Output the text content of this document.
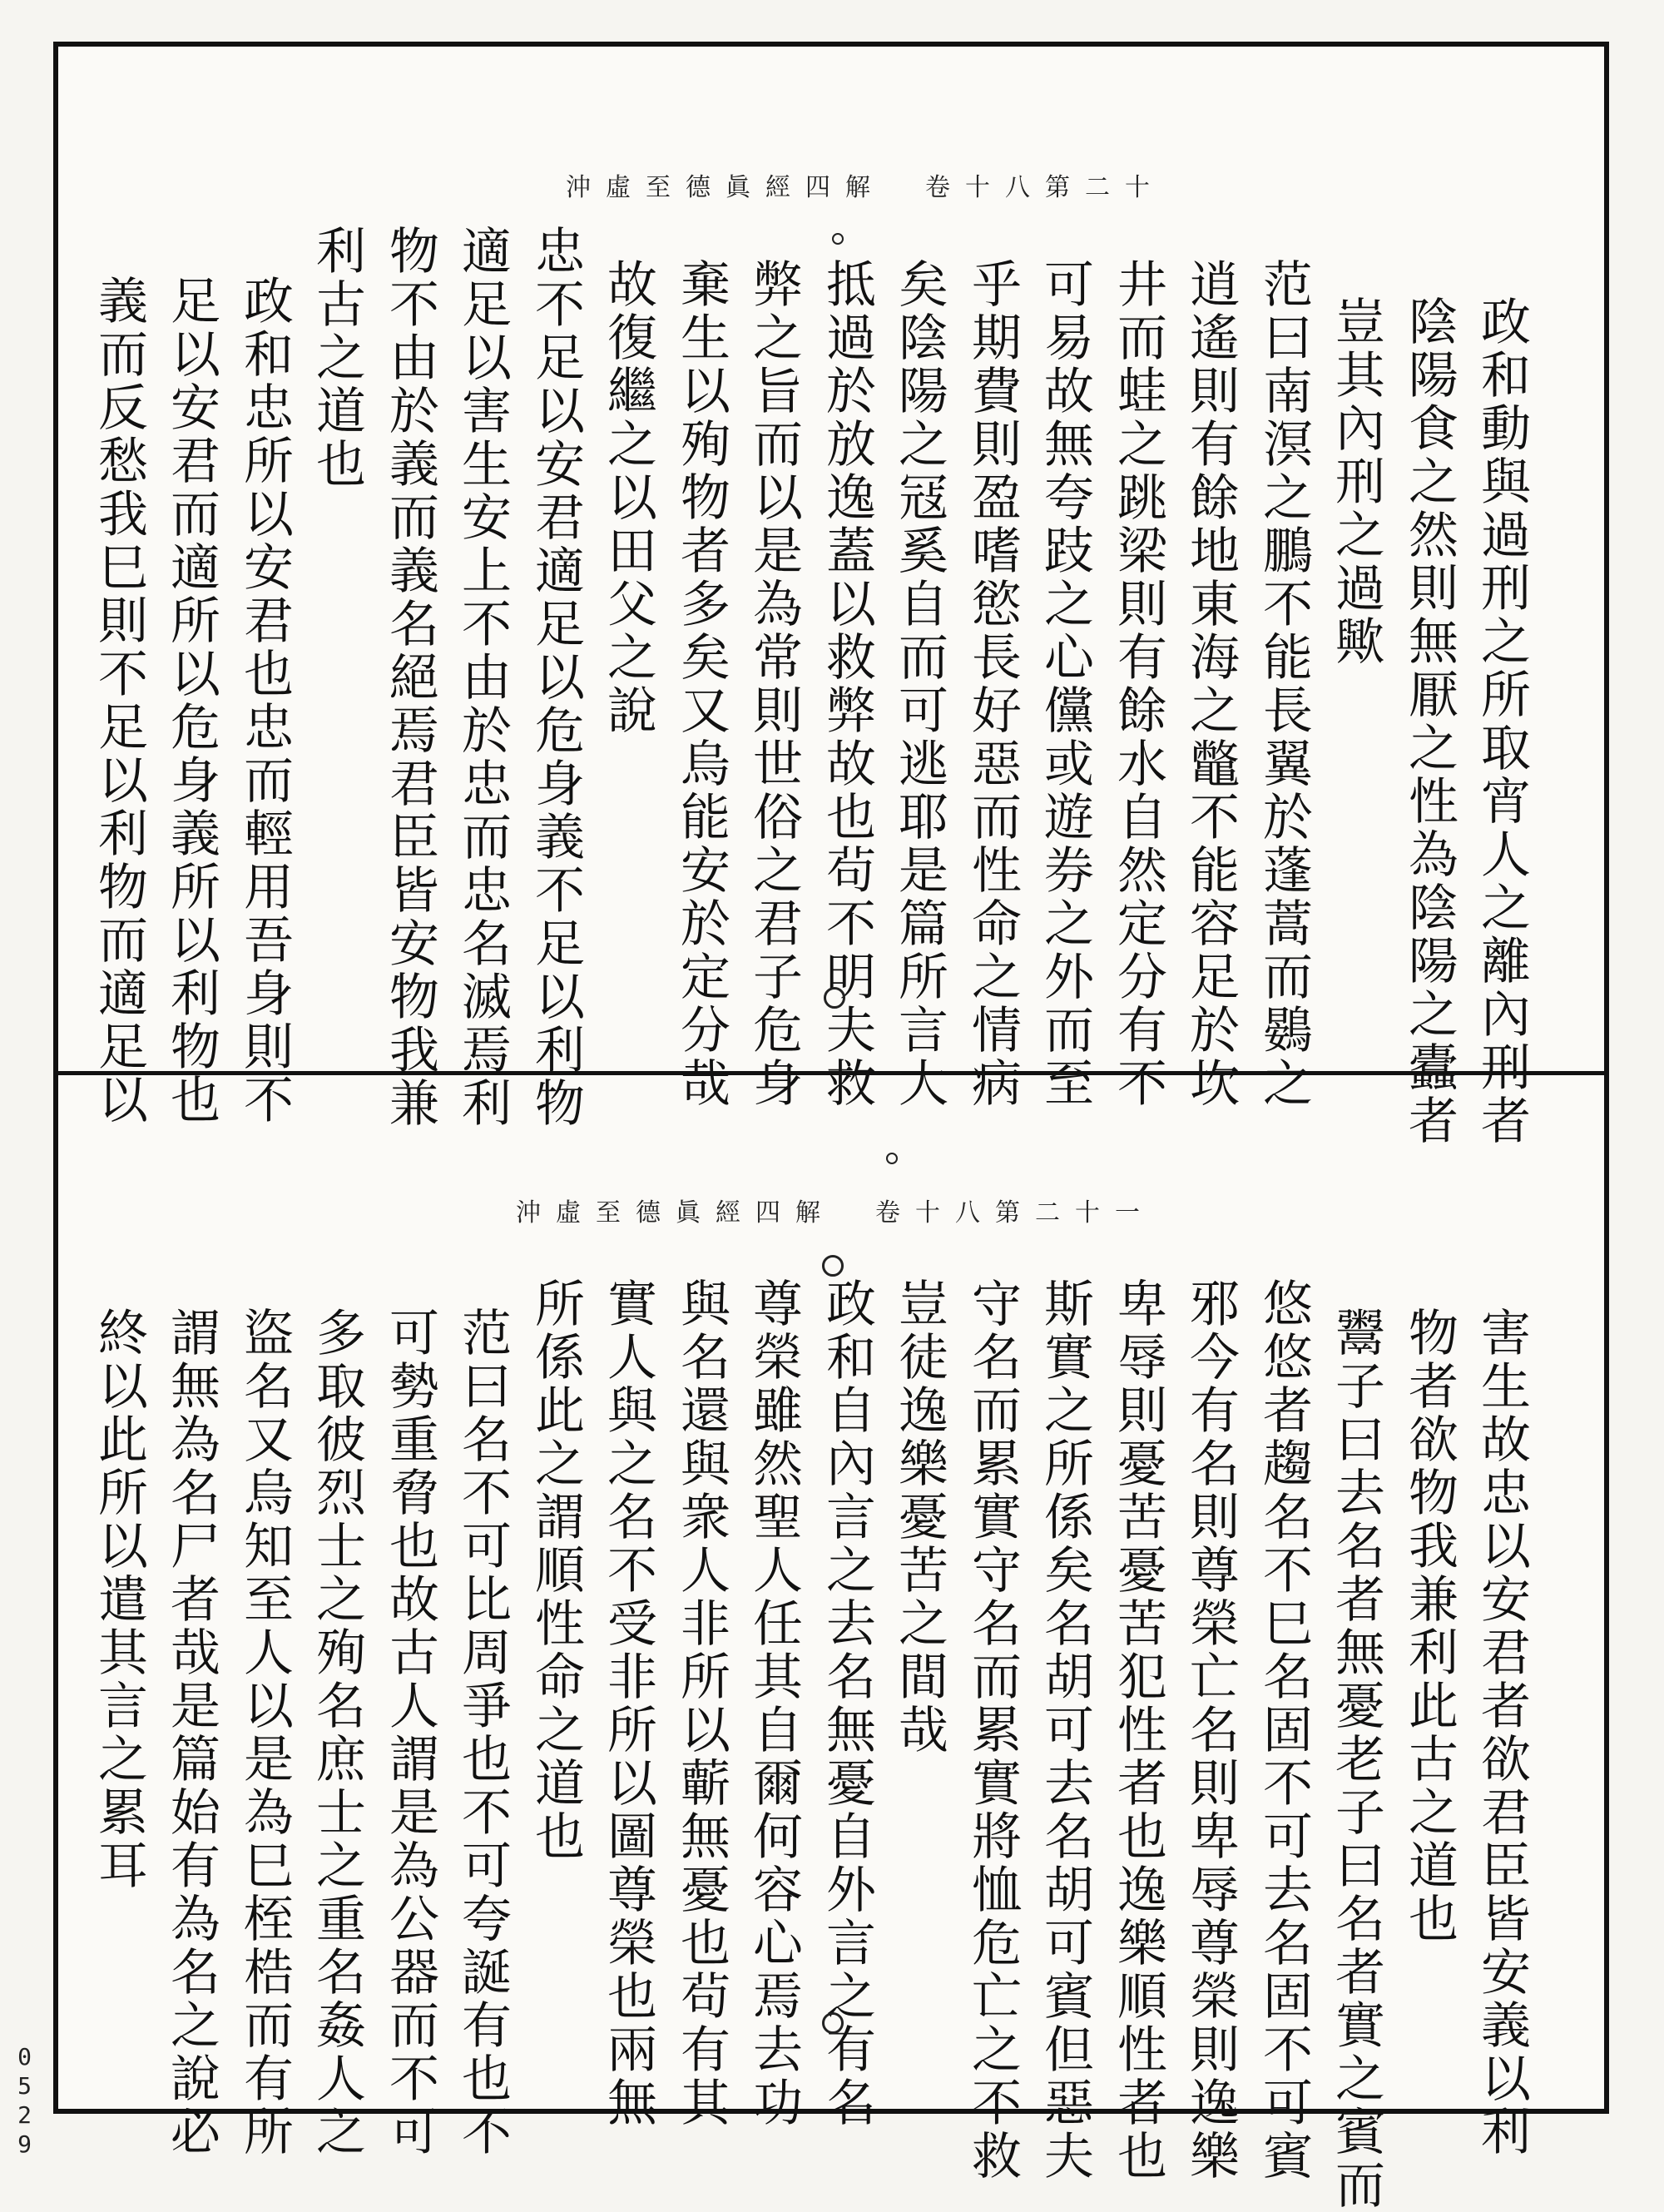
沖虛至德眞經四解　卷十八第二十
政和動與過刑之所取宵人之離內刑者
陰陽食之然則無厭之性為陰陽之蠹者
豈其內刑之過歟
范曰南溟之鵬不能長翼於蓬蒿而鷃之
逍遙則有餘地東海之鼈不能容足於坎
井而蛙之跳梁則有餘水自然定分有不
可易故無夸跂之心儻或遊券之外而至
乎期費則盈嗜慾長好惡而性命之情病
矣陰陽之冦奚自而可逃耶是篇所言大
抵過於放逸蓋以救弊故也茍不明夫救
弊之旨而以是為常則世俗之君子危身
棄生以殉物者多矣又烏能安於定分哉
故復繼之以田父之說
忠不足以安君適足以危身義不足以利物
適足以害生安上不由於忠而忠名滅焉利
物不由於義而義名絕焉君臣皆安物我兼
利古之道也
政和忠所以安君也忠而輕用吾身則不
足以安君而適所以危身義所以利物也
義而反愁我巳則不足以利物而適足以
沖虛至德眞經四解　卷十八第二十一
害生故忠以安君者欲君臣皆安義以利
物者欲物我兼利此古之道也
鬻子曰去名者無憂老子曰名者實之賓而
悠悠者趨名不巳名固不可去名固不可賓
邪今有名則尊榮亡名則卑辱尊榮則逸樂
卑辱則憂苦憂苦犯性者也逸樂順性者也
斯實之所係矣名胡可去名胡可賓但惡夫
守名而累實守名而累實將恤危亡之不救
豈徒逸樂憂苦之間哉
政和自內言之去名無憂自外言之有名
尊榮雖然聖人任其自爾何容心焉去功
與名還與衆人非所以蘄無憂也茍有其
實人與之名不受非所以圖尊榮也兩無
所係此之謂順性命之道也
范曰名不可比周爭也不可夸誕有也不
可勢重脅也故古人謂是為公器而不可
多取彼烈士之殉名庶士之重名姦人之
盜名又烏知至人以是為巳桎梏而有所
謂無為名尸者哉是篇始有為名之說必
終以此所以遣其言之累耳
0529
